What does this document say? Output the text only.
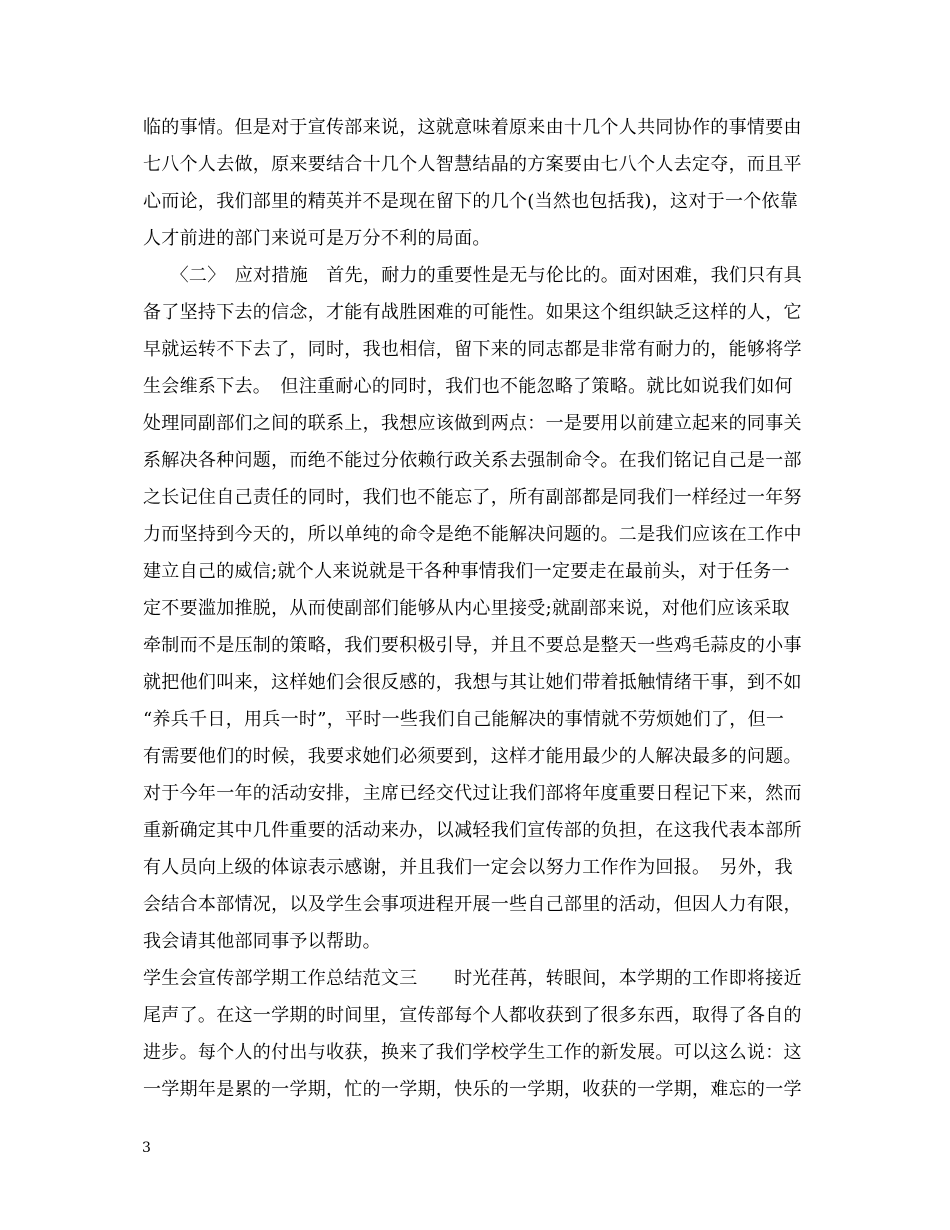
临的事情。但是对于宣传部来说，这就意味着原来由十几个人共同协作的事情要由
七八个人去做，原来要结合十几个人智慧结晶的方案要由七八个人去定夺，而且平
心而论，我们部里的精英并不是现在留下的几个(当然也包括我)，这对于一个依靠
人才前进的部门来说可是万分不利的局面。
　　〈二〉　应对措施　首先，耐力的重要性是无与伦比的。面对困难，我们只有具
备了坚持下去的信念，才能有战胜困难的可能性。如果这个组织缺乏这样的人，它
早就运转不下去了，同时，我也相信，留下来的同志都是非常有耐力的，能够将学
生会维系下去。　但注重耐心的同时，我们也不能忽略了策略。就比如说我们如何
处理同副部们之间的联系上，我想应该做到两点：一是要用以前建立起来的同事关
系解决各种问题，而绝不能过分依赖行政关系去强制命令。在我们铭记自己是一部
之长记住自己责任的同时，我们也不能忘了，所有副部都是同我们一样经过一年努
力而坚持到今天的，所以单纯的命令是绝不能解决问题的。二是我们应该在工作中
建立自己的威信;就个人来说就是干各种事情我们一定要走在最前头，对于任务一
定不要滥加推脱，从而使副部们能够从内心里接受;就副部来说，对他们应该采取
牵制而不是压制的策略，我们要积极引导，并且不要总是整天一些鸡毛蒜皮的小事
就把他们叫来，这样她们会很反感的，我想与其让她们带着抵触情绪干事，到不如
“养兵千日，用兵一时”，平时一些我们自己能解决的事情就不劳烦她们了，但一
有需要他们的时候，我要求她们必须要到，这样才能用最少的人解决最多的问题。
对于今年一年的活动安排，主席已经交代过让我们部将年度重要日程记下来，然而
重新确定其中几件重要的活动来办，以减轻我们宣传部的负担，在这我代表本部所
有人员向上级的体谅表示感谢，并且我们一定会以努力工作作为回报。　另外，我
会结合本部情况，以及学生会事项进程开展一些自己部里的活动，但因人力有限，
我会请其他部同事予以帮助。
学生会宣传部学期工作总结范文三　　时光荏苒，转眼间，本学期的工作即将接近
尾声了。在这一学期的时间里，宣传部每个人都收获到了很多东西，取得了各自的
进步。每个人的付出与收获，换来了我们学校学生工作的新发展。可以这么说：这
一学期年是累的一学期，忙的一学期，快乐的一学期，收获的一学期，难忘的一学
3
